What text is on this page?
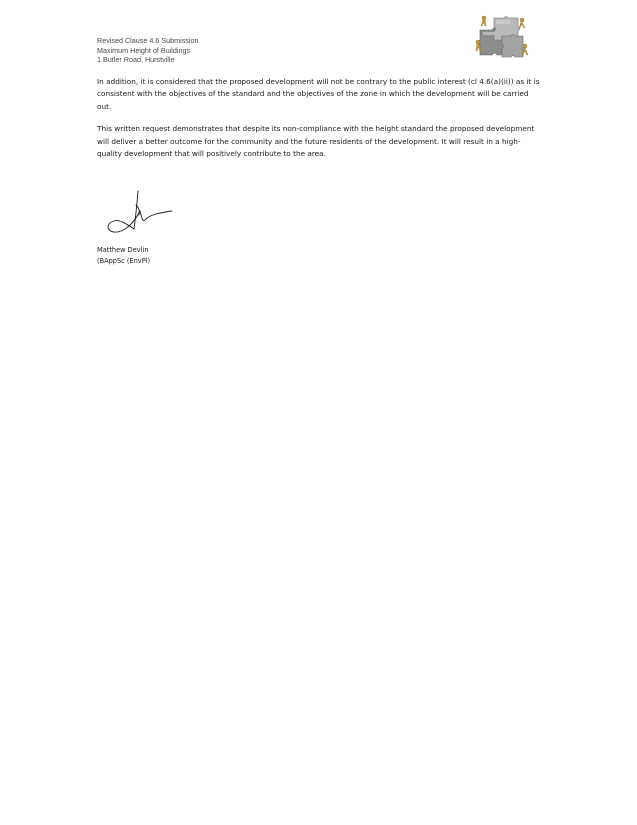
Revised Clause 4.6 Submission
Maximum Height of Buildings
1 Butler Road, Hurstville

In addition, it is considered that the proposed development will not be contrary to the public interest (cl 4.6(a)(ii)) as it is consistent with the objectives of the standard and the objectives of the zone in which the development will be carried out.

This written request demonstrates that despite its non-compliance with the height standard the proposed development will deliver a better outcome for the community and the future residents of the development. It will result in a high-quality development that will positively contribute to the area.

Matthew Devlin
(BAppSc (EnvPl)
